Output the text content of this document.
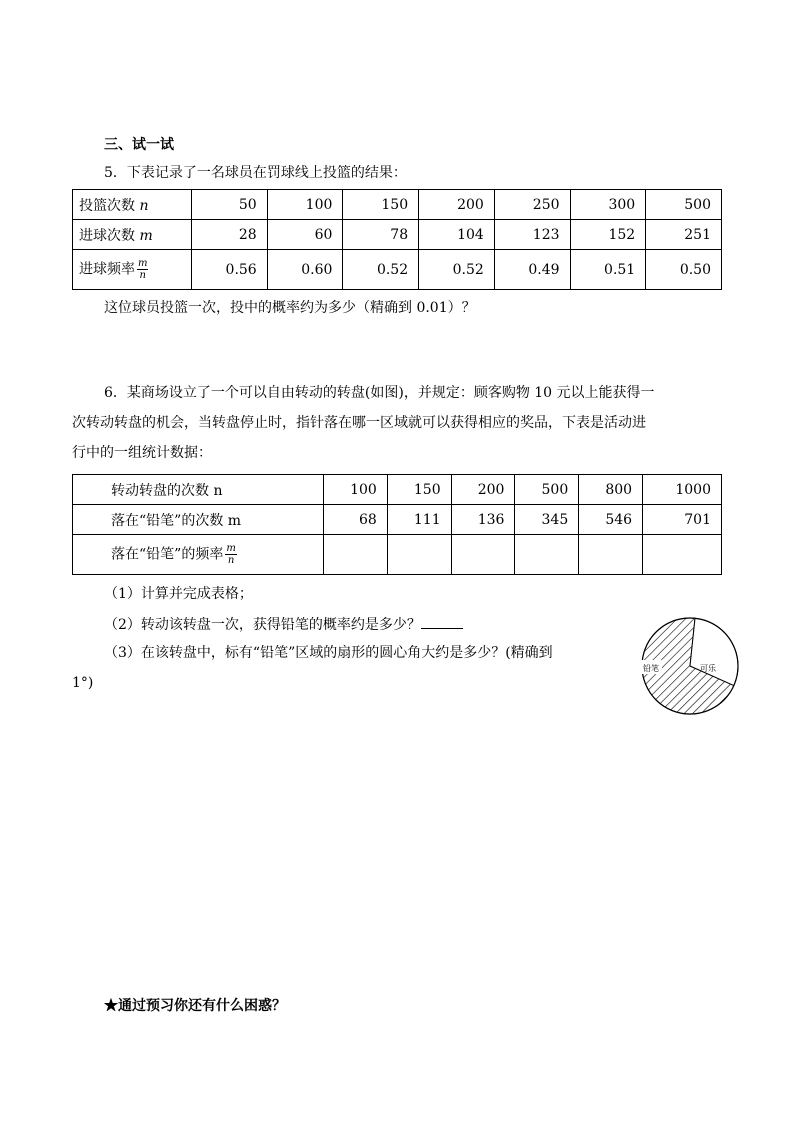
三、试一试
5．下表记录了一名球员在罚球线上投篮的结果：
投篮次数 n	50	100	150	200	250	300	500
进球次数 m	28	60	78	104	123	152	251
进球频率 $\frac{m}{n}$	0.56	0.60	0.52	0.52	0.49	0.51	0.50
这位球员投篮一次，投中的概率约为多少（精确到 0.01）？
6．某商场设立了一个可以自由转动的转盘(如图)，并规定：顾客购物 10 元以上能获得一
次转动转盘的机会，当转盘停止时，指针落在哪一区域就可以获得相应的奖品，下表是活动进
行中的一组统计数据：
转动转盘的次数 n	100	150	200	500	800	1000
落在“铅笔”的次数 m	68	111	136	345	546	701
落在“铅笔”的频率 $\frac{m}{n}$

（1）计算并完成表格；
（2）转动该转盘一次，获得铅笔的概率约是多少？
（3）在该转盘中，标有“铅笔”区域的扇形的圆心角大约是多少？(精确到
1°)
铅笔	可乐
★通过预习你还有什么困惑？
